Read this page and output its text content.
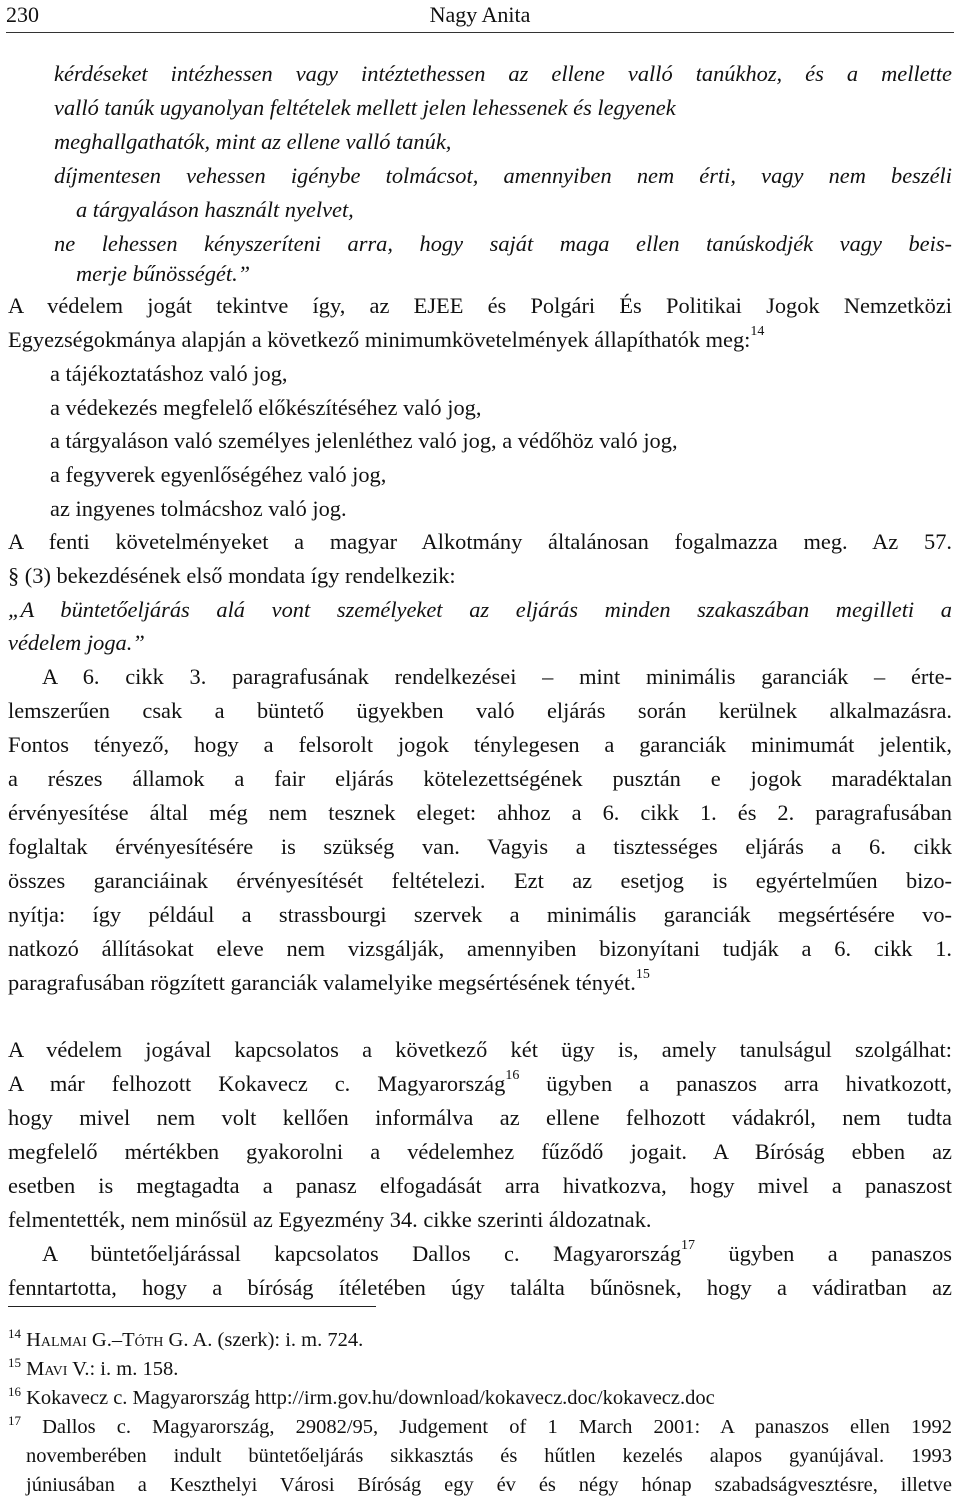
230	Nagy Anita
kérdéseket intézhessen vagy intéztethessen az ellene valló tanúkhoz, és a mellette
valló tanúk ugyanolyan feltételek mellett jelen lehessenek és legyenek
meghallgathatók, mint az ellene valló tanúk,
díjmentesen vehessen igénybe tolmácsot, amennyiben nem érti, vagy nem beszéli
a tárgyaláson használt nyelvet,
ne lehessen kényszeríteni arra, hogy saját maga ellen tanúskodjék vagy beis-
merje bűnösségét.”
A védelem jogát tekintve így, az EJEE és Polgári És Politikai Jogok Nemzetközi
Egyezségokmánya alapján a következő minimumkövetelmények állapíthatók meg:$^{14}$
a tájékoztatáshoz való jog,
a védekezés megfelelő előkészítéséhez való jog,
a tárgyaláson való személyes jelenléthez való jog, a védőhöz való jog,
a fegyverek egyenlőségéhez való jog,
az ingyenes tolmácshoz való jog.
A fenti követelményeket a magyar Alkotmány általánosan fogalmazza meg. Az 57.
§ (3) bekezdésének első mondata így rendelkezik:
„A büntetőeljárás alá vont személyeket az eljárás minden szakaszában megilleti a
védelem joga.”
A 6. cikk 3. paragrafusának rendelkezései – mint minimális garanciák – érte-
lemszerűen csak a büntető ügyekben való eljárás során kerülnek alkalmazásra.
Fontos tényező, hogy a felsorolt jogok ténylegesen a garanciák minimumát jelentik,
a részes államok a fair eljárás kötelezettségének pusztán e jogok maradéktalan
érvényesítése által még nem tesznek eleget: ahhoz a 6. cikk 1. és 2. paragrafusában
foglaltak érvényesítésére is szükség van. Vagyis a tisztességes eljárás a 6. cikk
összes garanciáinak érvényesítését feltételezi. Ezt az esetjog is egyértelműen bizo-
nyítja: így például a strassbourgi szervek a minimális garanciák megsértésére vo-
natkozó állításokat eleve nem vizsgálják, amennyiben bizonyítani tudják a 6. cikk 1.
paragrafusában rögzített garanciák valamelyike megsértésének tényét.$^{15}$
A védelem jogával kapcsolatos a következő két ügy is, amely tanulságul szolgálhat:
A már felhozott Kokavecz c. Magyarország$^{16}$ ügyben a panaszos arra hivatkozott,
hogy mivel nem volt kellően informálva az ellene felhozott vádakról, nem tudta
megfelelő mértékben gyakorolni a védelemhez fűződő jogait. A Bíróság ebben az
esetben is megtagadta a panasz elfogadását arra hivatkozva, hogy mivel a panaszost
felmentették, nem minősül az Egyezmény 34. cikke szerinti áldozatnak.
A büntetőeljárással kapcsolatos Dallos c. Magyarország$^{17}$ ügyben a panaszos
fenntartotta, hogy a bíróság ítéletében úgy találta bűnösnek, hogy a vádiratban az
$^{14}$ Halmai G.–Tóth G. A. (szerk): i. m. 724.
$^{15}$ Mavi V.: i. m. 158.
$^{16}$ Kokavecz c. Magyarország http://irm.gov.hu/download/kokavecz.doc/kokavecz.doc
$^{17}$ Dallos c. Magyarország, 29082/95, Judgement of 1 March 2001: A panaszos ellen 1992
novemberében indult büntetőeljárás sikkasztás és hűtlen kezelés alapos gyanújával. 1993
júniusában a Keszthelyi Városi Bíróság egy év és négy hónap szabadságvesztésre, illetve
